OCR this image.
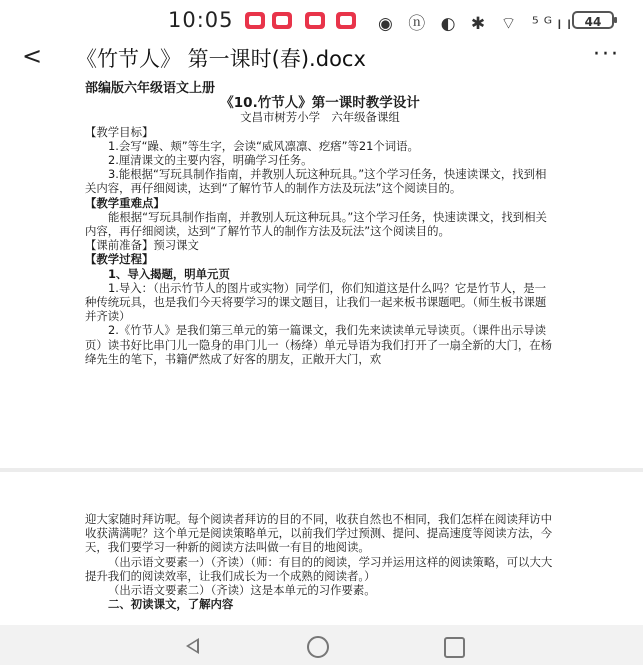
10:05	◉ ⓝ ◐ ✱ ⌔ ⁵ᴳıı 44
< 《竹节人》 第一课时(春).docx	···

部编版六年级语文上册

《10.竹节人》第一课时教学设计

文昌市树芳小学　六年级备课组

【教学目标】

1.会写“躁、颊”等生字，会读“威风凛凛、疙瘩”等21个词语。

2.厘清课文的主要内容，明确学习任务。

3.能根据“写玩具制作指南，并教别人玩这种玩具。”这个学习任务，快速读课文，找到相关内容，再仔细阅读，达到“了解竹节人的制作方法及玩法”这个阅读目的。

【教学重难点】

能根据“写玩具制作指南，并教别人玩这种玩具。”这个学习任务，快速读课文，找到相关内容，再仔细阅读，达到“了解竹节人的制作方法及玩法”这个阅读目的。

【课前准备】预习课文

【教学过程】

1、导入揭题，明单元页

1.导入：（出示竹节人的图片或实物）同学们，你们知道这是什么吗？它是竹节人，是一种传统玩具，也是我们今天将要学习的课文题目，让我们一起来板书课题吧。（师生板书课题并齐读）

2.《竹节人》是我们第三单元的第一篇课文，我们先来读读单元导读页。（课件出示导读页）读书好比串门儿一隐身的串门儿一（杨绛）单元导语为我们打开了一扇全新的大门，在杨绛先生的笔下，书籍俨然成了好客的朋友，正敞开大门，欢

迎大家随时拜访呢。每个阅读者拜访的目的不同，收获自然也不相同，我们怎样在阅读拜访中收获满满呢？这个单元是阅读策略单元，以前我们学过预测、提问、提高速度等阅读方法，今天，我们要学习一种新的阅读方法叫做一有目的地阅读。

（出示语文要素一）（齐读）（师：有目的的阅读，学习并运用这样的阅读策略，可以大大提升我们的阅读效率，让我们成长为一个成熟的阅读者。）

（出示语文要素二）（齐读）这是本单元的习作要素。

二、初读课文，了解内容
